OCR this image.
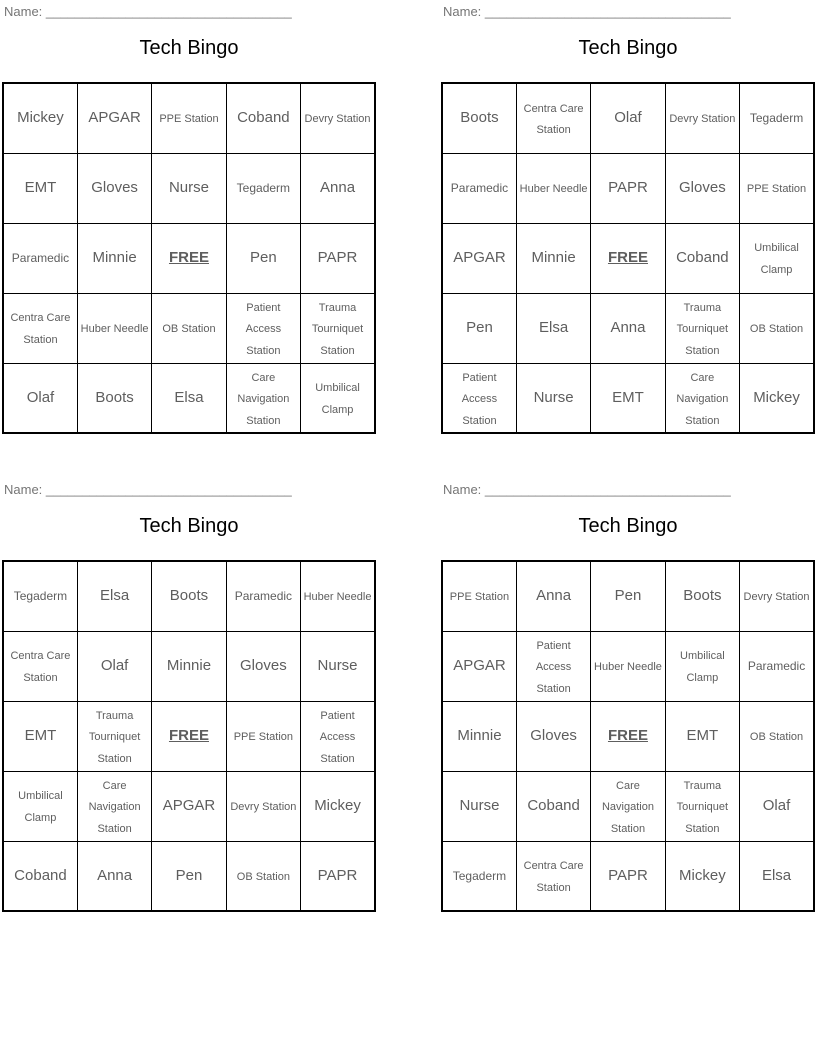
Name: __________________________________
Tech Bingo
Mickey	APGAR	PPE Station	Coband	Devry Station
EMT	Gloves	Nurse	Tegaderm	Anna
Paramedic	Minnie	FREE	Pen	PAPR
Centra Care Station	Huber Needle	OB Station	Patient Access Station	Trauma Tourniquet Station
Olaf	Boots	Elsa	Care Navigation Station	Umbilical Clamp
Name: __________________________________
Tech Bingo
Boots	Centra Care Station	Olaf	Devry Station	Tegaderm
Paramedic	Huber Needle	PAPR	Gloves	PPE Station
APGAR	Minnie	FREE	Coband	Umbilical Clamp
Pen	Elsa	Anna	Trauma Tourniquet Station	OB Station
Patient Access Station	Nurse	EMT	Care Navigation Station	Mickey
Name: __________________________________
Tech Bingo
Tegaderm	Elsa	Boots	Paramedic	Huber Needle
Centra Care Station	Olaf	Minnie	Gloves	Nurse
EMT	Trauma Tourniquet Station	FREE	PPE Station	Patient Access Station
Umbilical Clamp	Care Navigation Station	APGAR	Devry Station	Mickey
Coband	Anna	Pen	OB Station	PAPR
Name: __________________________________
Tech Bingo
PPE Station	Anna	Pen	Boots	Devry Station
APGAR	Patient Access Station	Huber Needle	Umbilical Clamp	Paramedic
Minnie	Gloves	FREE	EMT	OB Station
Nurse	Coband	Care Navigation Station	Trauma Tourniquet Station	Olaf
Tegaderm	Centra Care Station	PAPR	Mickey	Elsa
